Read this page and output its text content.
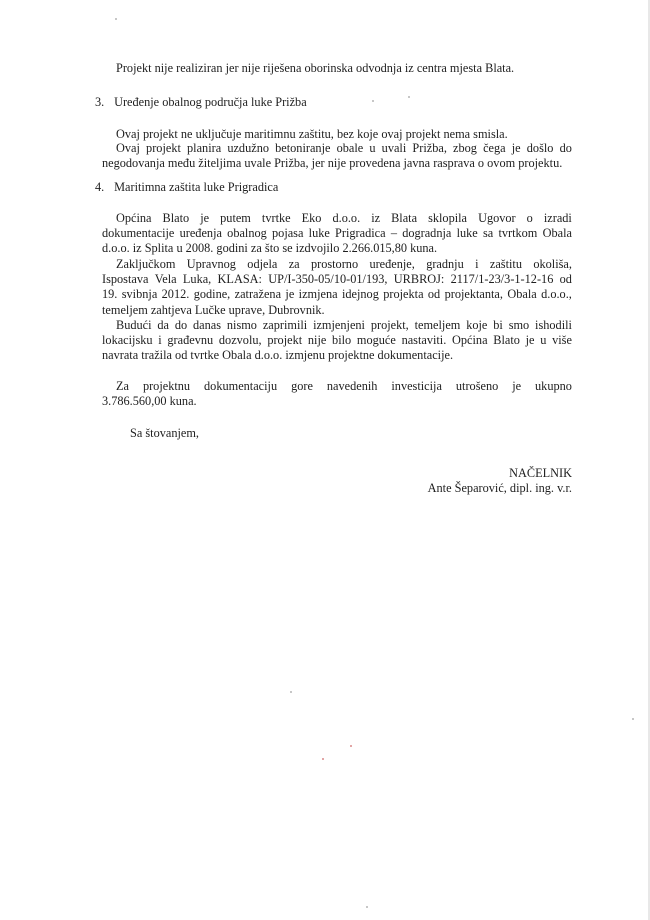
Projekt nije realiziran jer nije riješena oborinska odvodnja iz centra mjesta Blata.

3. Uređenje obalnog područja luke Prižba

Ovaj projekt ne uključuje maritimnu zaštitu, bez koje ovaj projekt nema smisla.

Ovaj projekt planira uzdužno betoniranje obale u uvali Prižba, zbog čega je došlo do
negodovanja među žiteljima uvale Prižba, jer nije provedena javna rasprava o ovom projektu.

4. Maritimna zaštita luke Prigradica

Općina Blato je putem tvrtke Eko d.o.o. iz Blata sklopila Ugovor o izradi
dokumentacije uređenja obalnog pojasa luke Prigradica – dogradnja luke sa tvrtkom Obala
d.o.o. iz Splita u 2008. godini za što se izdvojilo 2.266.015,80 kuna.

Zaključkom Upravnog odjela za prostorno uređenje, gradnju i zaštitu okoliša,
Ispostava Vela Luka, KLASA: UP/I-350-05/10-01/193, URBROJ: 2117/1-23/3-1-12-16 od
19. svibnja 2012. godine, zatražena je izmjena idejnog projekta od projektanta, Obala d.o.o.,
temeljem zahtjeva Lučke uprave, Dubrovnik.

Budući da do danas nismo zaprimili izmjenjeni projekt, temeljem koje bi smo ishodili
lokacijsku i građevnu dozvolu, projekt nije bilo moguće nastaviti. Općina Blato je u više
navrata tražila od tvrtke Obala d.o.o. izmjenu projektne dokumentacije.

Za projektnu dokumentaciju gore navedenih investicija utrošeno je ukupno
3.786.560,00 kuna.

Sa štovanjem,

NAČELNIK
Ante Šeparović, dipl. ing. v.r.
